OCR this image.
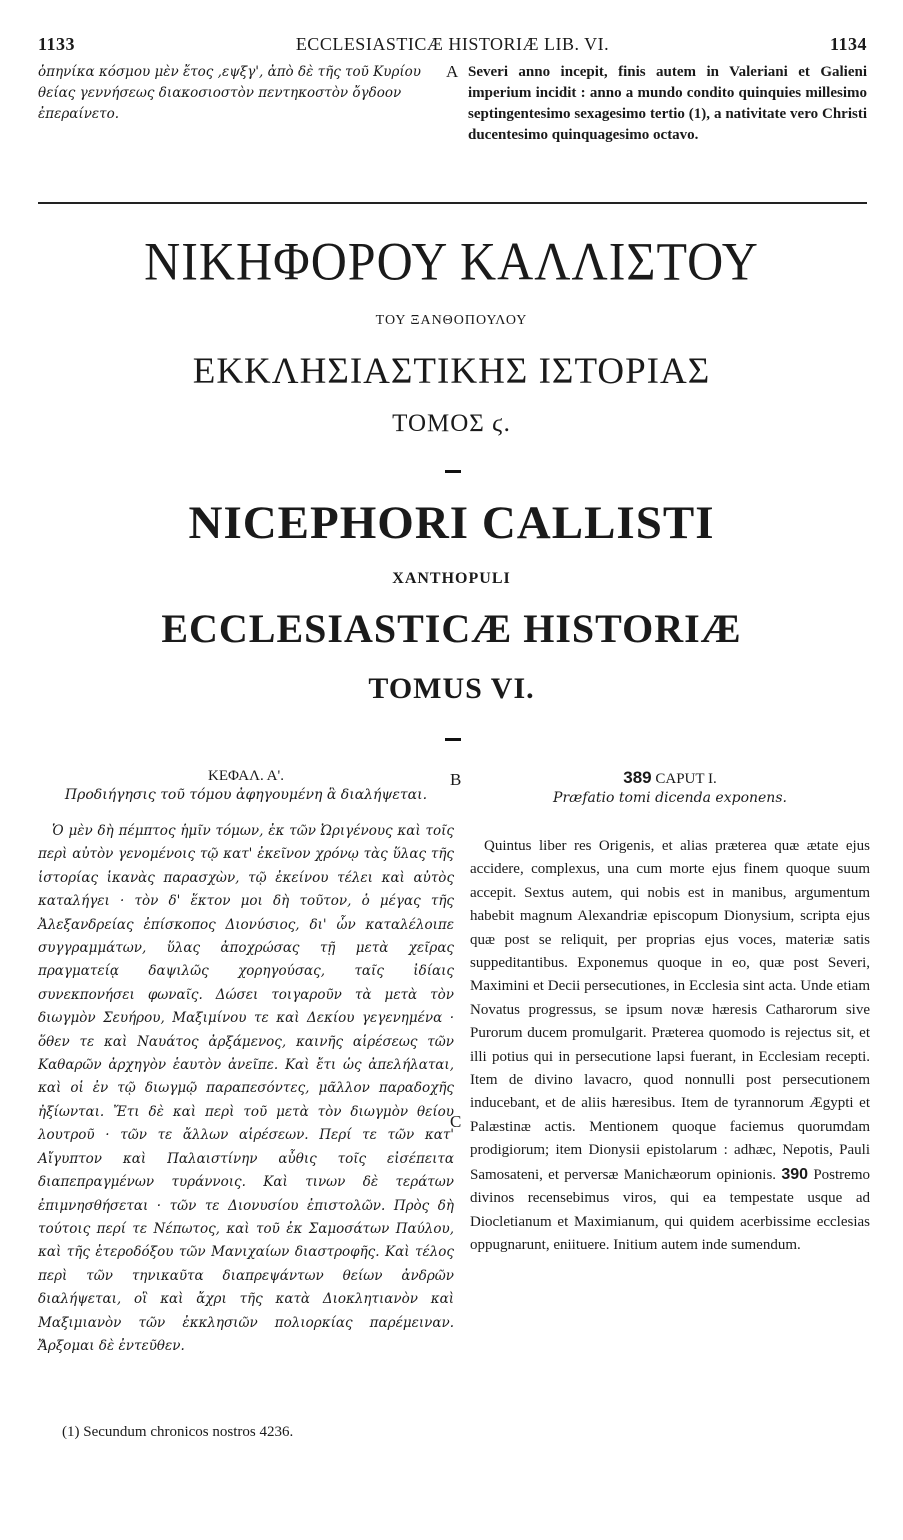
1133	ECCLESIASTICÆ HISTORIÆ LIB. VI.	1134
ὁπηνίκα κόσμου μὲν ἔτος ,εψξγ', ἀπὸ δὲ τῆς τοῦ Κυρίου θείας γεννήσεως διακοσιοστὸν πεντηκοστὸν ὄγδοον ἐπεραίνετο.
A Severi anno incepit, finis autem in Valeriani et Galieni imperium incidit : anno a mundo condito quinquies millesimo septingentesimo sexagesimo tertio (1), a nativitate vero Christi ducentesimo quinquagesimo octavo.
ΝΙΚΗΦΟΡΟΥ ΚΑΛΛΙΣΤΟΥ
ΤΟΥ ΞΑΝΘΟΠΟΥΛΟΥ
ΕΚΚΛΗΣΙΑΣΤΙΚΗΣ ΙΣΤΟΡΙΑΣ
ΤΟΜΟΣ ϛ.
NICEPHORI CALLISTI
XANTHOPULI
ECCLESIASTICÆ HISTORIÆ
TOMUS VI.
ΚΕΦΑΛ. Α'.
Προδιήγησις τοῦ τόμου ἀφηγουμένη ἃ διαλήψεται.
Ὁ μὲν δὴ πέμπτος ἡμῖν τόμων, ἐκ τῶν Ὠριγένους καὶ τοῖς περὶ αὐτὸν γενομένοις τῷ κατ' ἐκεῖνον χρόνῳ τὰς ὕλας τῆς ἱστορίας ἱκανὰς παρασχὼν, τῷ ἐκείνου τέλει καὶ αὐτὸς καταλήγει · τὸν δ' ἕκτον μοι δὴ τοῦτον, ὁ μέγας τῆς Ἀλεξανδρείας ἐπίσκοπος Διονύσιος, δι' ὧν καταλέλοιπε συγγραμμάτων, ὕλας ἀποχρώσας τῇ μετὰ χεῖρας πραγματείᾳ δαψιλῶς χορηγούσας, ταῖς ἰδίαις συνεκπονήσει φωναῖς. Δώσει τοιγαροῦν τὰ μετὰ τὸν διωγμὸν Σευήρου, Μαξιμίνου τε καὶ Δεκίου γεγενημένα · ὅθεν τε καὶ Ναυάτος ἀρξάμενος, καινῆς αἱρέσεως τῶν Καθαρῶν ἀρχηγὸν ἑαυτὸν ἀνεῖπε. Καὶ ἔτι ὡς ἀπελήλαται, καὶ οἱ ἐν τῷ διωγμῷ παραπεσόντες, μᾶλλον παραδοχῆς ἠξίωνται. Ἔτι δὲ καὶ περὶ τοῦ μετὰ τὸν διωγμὸν θείου λουτροῦ · τῶν τε ἄλλων αἱρέσεων. Περί τε τῶν κατ' Αἴγυπτον καὶ Παλαιστίνην αὖθις τοῖς εἰσέπειτα διαπεπραγμένων τυράννοις. Καὶ τινων δὲ τεράτων ἐπιμνησθήσεται · τῶν τε Διονυσίου ἐπιστολῶν. Πρὸς δὴ τούτοις περί τε Νέπωτος, καὶ τοῦ ἐκ Σαμοσάτων Παύλου, καὶ τῆς ἑτεροδόξου τῶν Μανιχαίων διαστροφῆς. Καὶ τέλος περὶ τῶν τηνικαῦτα διαπρεψάντων θείων ἀνδρῶν διαλήψεται, οἳ καὶ ἄχρι τῆς κατὰ Διοκλητιανὸν καὶ Μαξιμιανὸν τῶν ἐκκλησιῶν πολιορκίας παρέμειναν. Ἄρξομαι δὲ ἐντεῦθεν.
B
C
389 CAPUT I.
Præfatio tomi dicenda exponens.
Quintus liber res Origenis, et alias præterea quæ ætate ejus accidere, complexus, una cum morte ejus finem quoque suum accepit. Sextus autem, qui nobis est in manibus, argumentum habebit magnum Alexandriæ episcopum Dionysium, scripta ejus quæ post se reliquit, per proprias ejus voces, materiæ satis suppeditantibus. Exponemus quoque in eo, quæ post Severi, Maximini et Decii persecutiones, in Ecclesia sint acta. Unde etiam Novatus progressus, se ipsum novæ hæresis Catharorum sive Purorum ducem promulgarit. Præterea quomodo is rejectus sit, et illi potius qui in persecutione lapsi fuerant, in Ecclesiam recepti. Item de divino lavacro, quod nonnulli post persecutionem inducebant, et de aliis hæresibus. Item de tyrannorum Ægypti et Palæstinæ actis. Mentionem quoque faciemus quorumdam prodigiorum; item Dionysii epistolarum : adhæc, Nepotis, Pauli Samosateni, et perversæ Manichæorum opinionis. 390 Postremo divinos recensebimus viros, qui ea tempestate usque ad Diocletianum et Maximianum, qui quidem acerbissime ecclesias oppugnarunt, eniituere. Initium autem inde sumendum.
(1) Secundum chronicos nostros 4236.
